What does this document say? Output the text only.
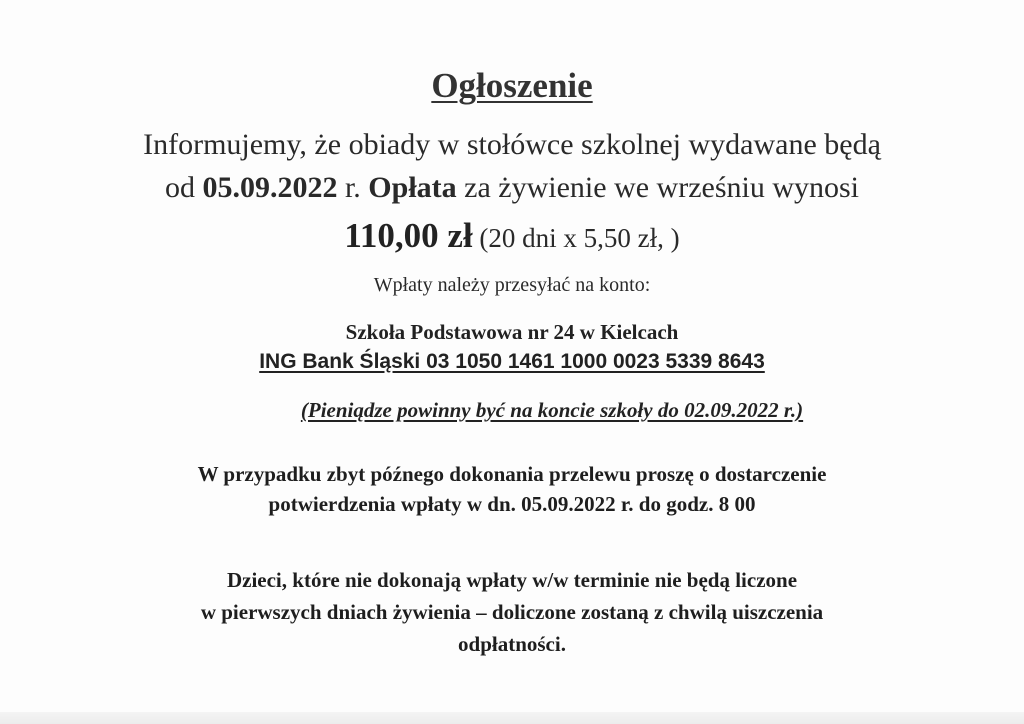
Ogłoszenie
Informujemy, że obiady w stołówce szkolnej wydawane będą
od 05.09.2022 r. Opłata za żywienie we wrześniu wynosi
110,00 zł (20 dni x 5,50 zł, )
Wpłaty należy przesyłać na konto:
Szkoła Podstawowa nr 24 w Kielcach
ING Bank Śląski 03 1050 1461 1000 0023 5339 8643
(Pieniądze powinny być na koncie szkoły do 02.09.2022 r.)
W przypadku zbyt późnego dokonania przelewu proszę o dostarczenie
potwierdzenia wpłaty w dn. 05.09.2022 r. do godz. 8 00
Dzieci, które nie dokonają wpłaty w/w terminie nie będą liczone
w pierwszych dniach żywienia – doliczone zostaną z chwilą uiszczenia
odpłatności.
